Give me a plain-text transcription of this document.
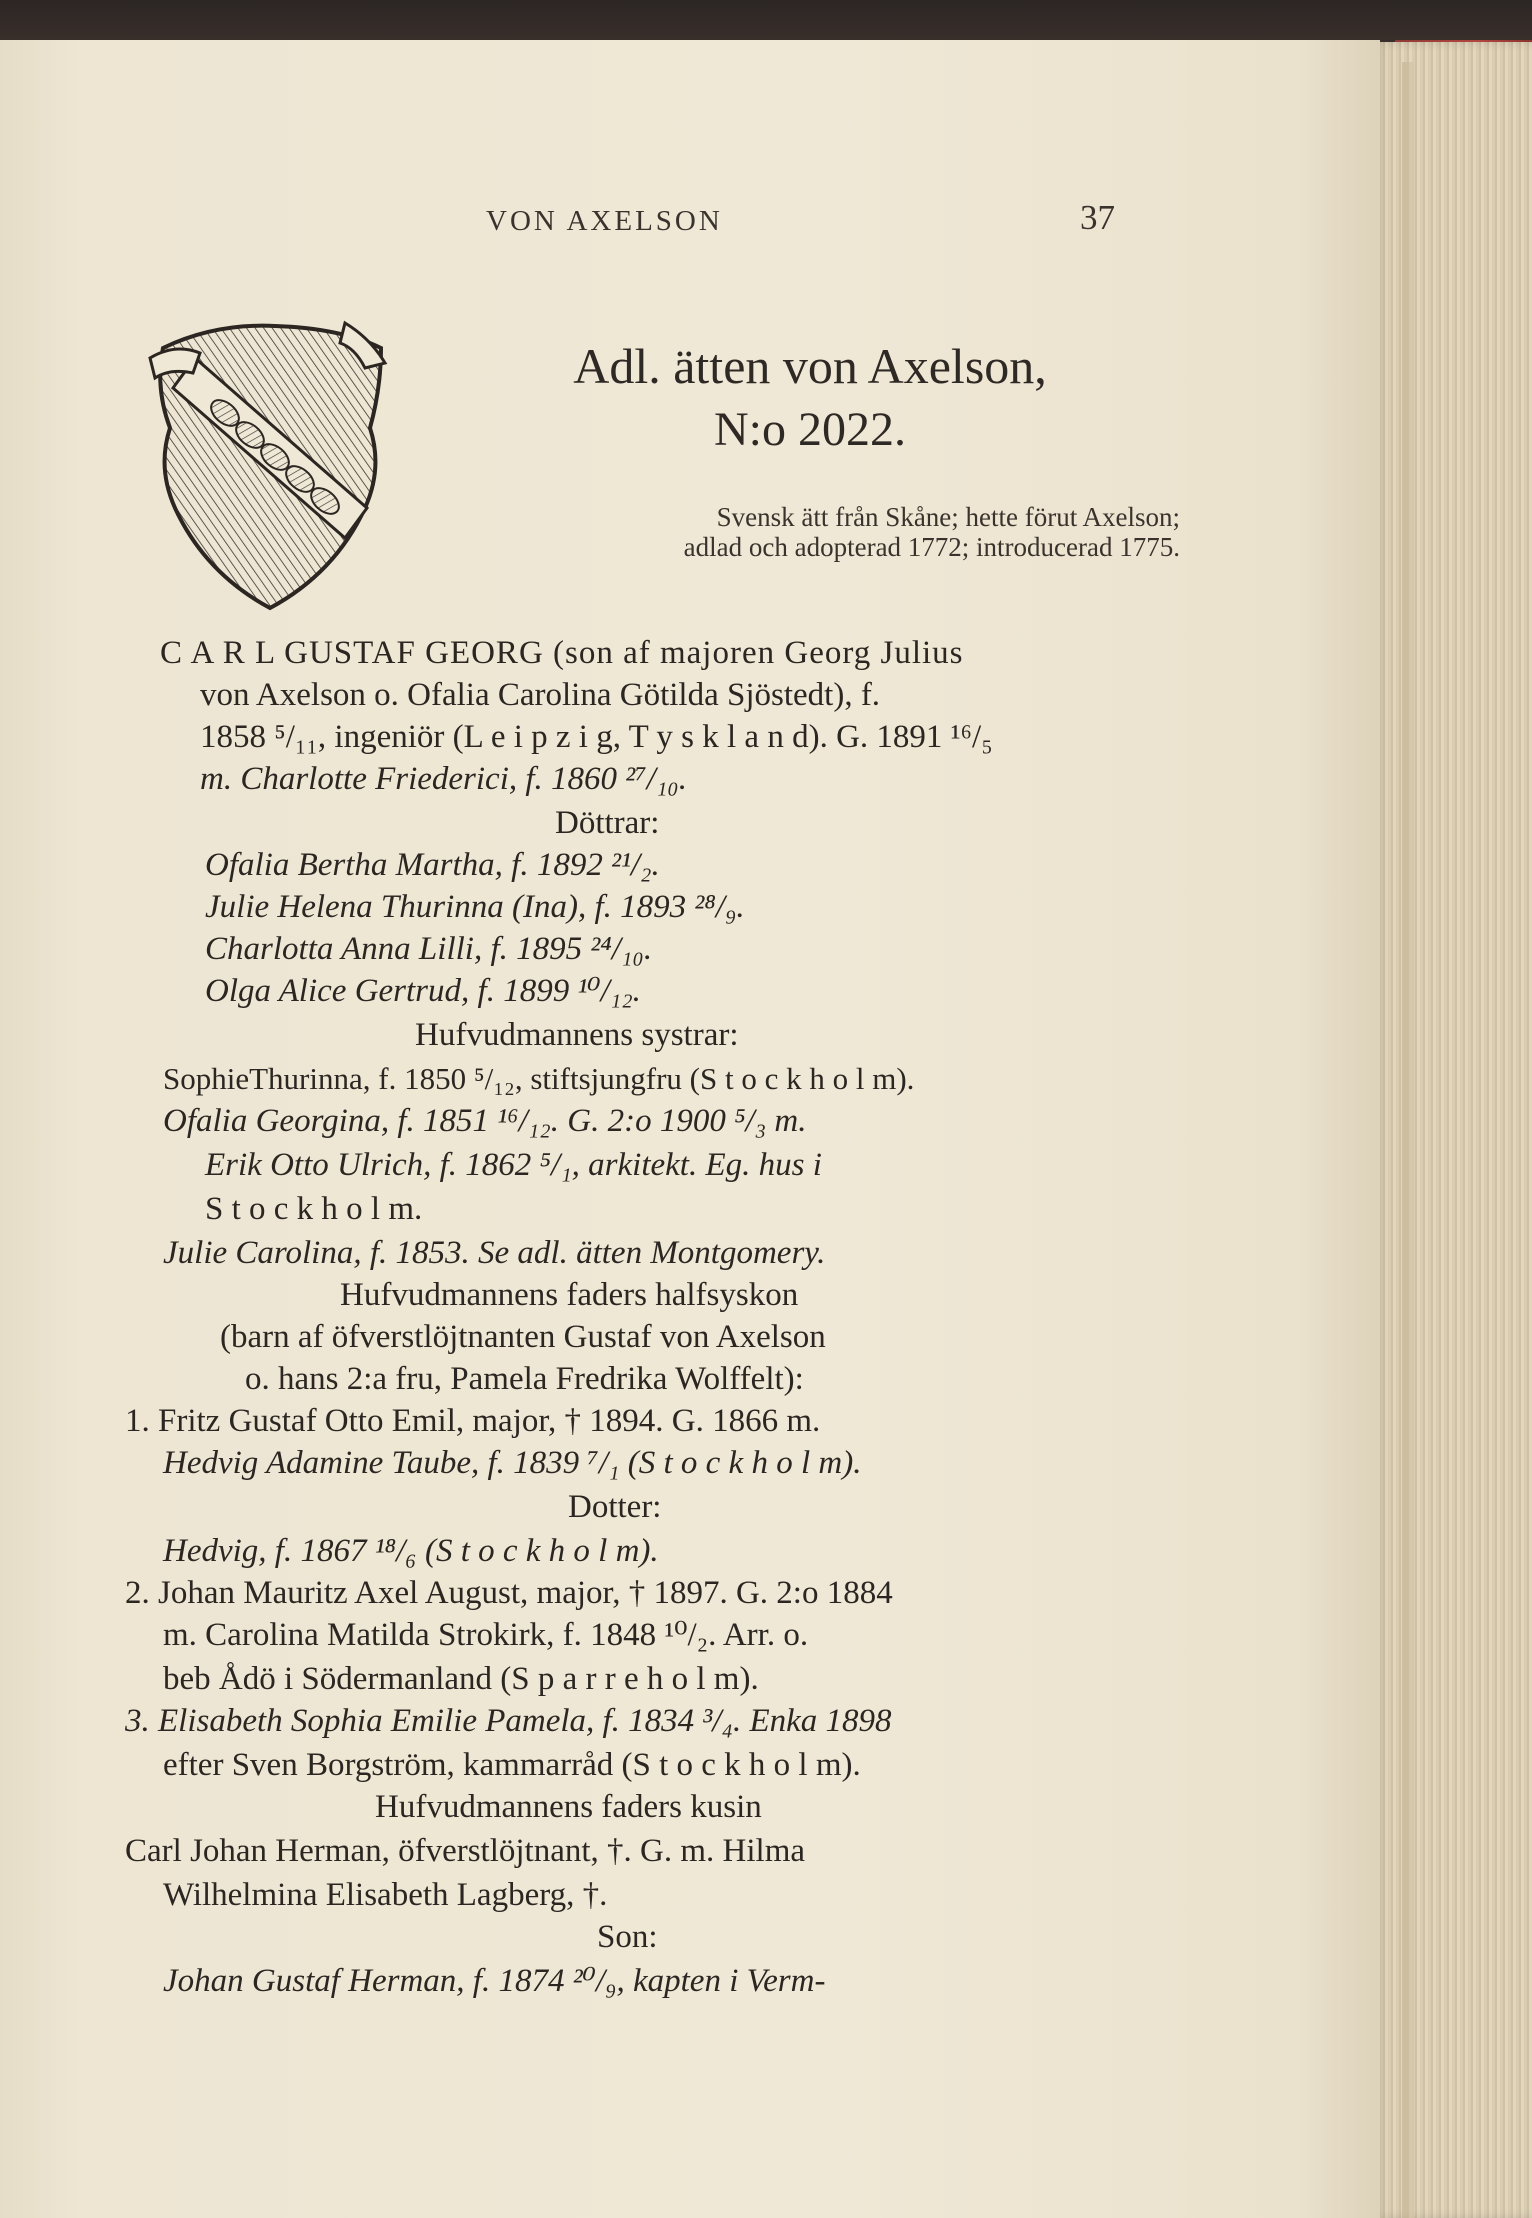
VON AXELSON	37
Adl. ätten von Axelson,
N:o 2022.
Svensk ätt från Skåne; hette förut Axelson;
adlad och adopterad 1772; introducerad 1775.
C A R L GUSTAF GEORG (son af majoren Georg Julius
von Axelson o. Ofalia Carolina Götilda Sjöstedt), f.
1858 ⁵/₁₁, ingeniör (L e i p z i g, T y s k l a n d). G. 1891 ¹⁶/₅
m. Charlotte Friederici, f. 1860 ²⁷/₁₀.
Döttrar:
Ofalia Bertha Martha, f. 1892 ²¹/₂.
Julie Helena Thurinna (Ina), f. 1893 ²⁸/₉.
Charlotta Anna Lilli, f. 1895 ²⁴/₁₀.
Olga Alice Gertrud, f. 1899 ¹⁰/₁₂.
Hufvudmannens systrar:
SophieThurinna, f. 1850 ⁵/₁₂, stiftsjungfru (S t o c k h o l m).
Ofalia Georgina, f. 1851 ¹⁶/₁₂. G. 2:o 1900 ⁵/₃ m.
Erik Otto Ulrich, f. 1862 ⁵/₁, arkitekt. Eg. hus i
S t o c k h o l m.
Julie Carolina, f. 1853. Se adl. ätten Montgomery.
Hufvudmannens faders halfsyskon
(barn af öfverstlöjtnanten Gustaf von Axelson
o. hans 2:a fru, Pamela Fredrika Wolffelt):
1. Fritz Gustaf Otto Emil, major, † 1894. G. 1866 m.
Hedvig Adamine Taube, f. 1839 ⁷/₁ (S t o c k h o l m).
Dotter:
Hedvig, f. 1867 ¹⁸/₆ (S t o c k h o l m).
2. Johan Mauritz Axel August, major, † 1897. G. 2:o 1884
m. Carolina Matilda Strokirk, f. 1848 ¹⁰/₂. Arr. o.
beb Ådö i Södermanland (S p a r r e h o l m).
3. Elisabeth Sophia Emilie Pamela, f. 1834 ³/₄. Enka 1898
efter Sven Borgström, kammarråd (S t o c k h o l m).
Hufvudmannens faders kusin
Carl Johan Herman, öfverstlöjtnant, †. G. m. Hilma
Wilhelmina Elisabeth Lagberg, †.
Son:
Johan Gustaf Herman, f. 1874 ²⁰/₉, kapten i Verm-
